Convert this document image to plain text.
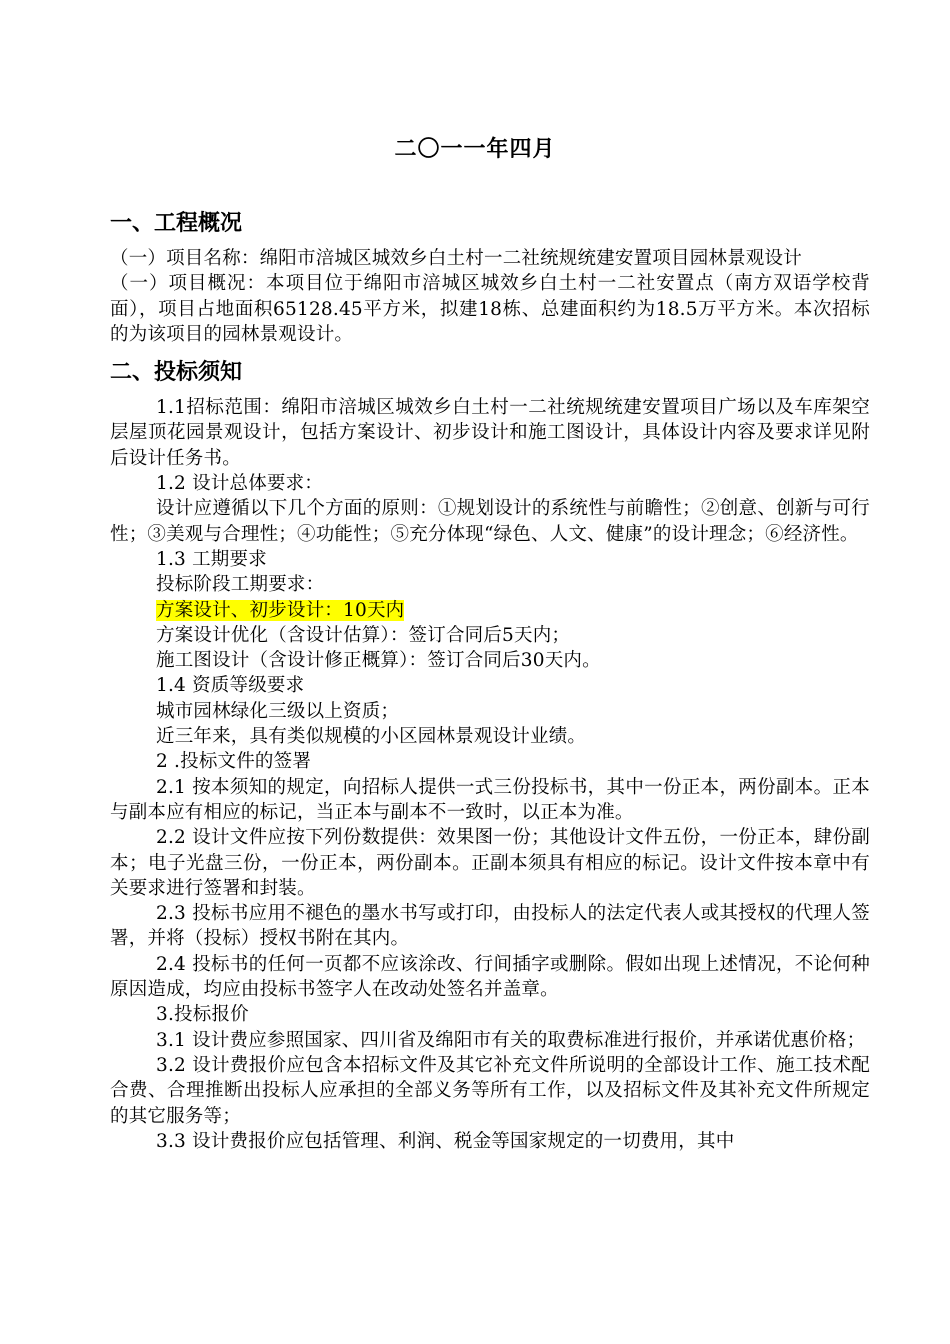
二〇一一年四月
一、工程概况

（一）项目名称：绵阳市涪城区城效乡白土村一二社统规统建安置项目园林景观设计

（一）项目概况：本项目位于绵阳市涪城区城效乡白土村一二社安置点（南方双语学校背面），项目占地面积65128.45平方米，拟建18栋、总建面积约为18.5万平方米。本次招标的为该项目的园林景观设计。

二、投标须知

1.1招标范围：绵阳市涪城区城效乡白土村一二社统规统建安置项目广场以及车库架空层屋顶花园景观设计，包括方案设计、初步设计和施工图设计，具体设计内容及要求详见附后设计任务书。

1.2 设计总体要求：

设计应遵循以下几个方面的原则：①规划设计的系统性与前瞻性；②创意、创新与可行性；③美观与合理性；④功能性；⑤充分体现“绿色、人文、健康”的设计理念；⑥经济性。

1.3 工期要求

投标阶段工期要求：

方案设计、初步设计：10天内

方案设计优化（含设计估算）：签订合同后5天内；

施工图设计（含设计修正概算）：签订合同后30天内。

1.4 资质等级要求

城市园林绿化三级以上资质；

近三年来，具有类似规模的小区园林景观设计业绩。

2 .投标文件的签署

2.1 按本须知的规定，向招标人提供一式三份投标书，其中一份正本，两份副本。正本与副本应有相应的标记，当正本与副本不一致时，以正本为准。

2.2 设计文件应按下列份数提供：效果图一份；其他设计文件五份，一份正本，肆份副本；电子光盘三份，一份正本，两份副本。正副本须具有相应的标记。设计文件按本章中有关要求进行签署和封装。

2.3 投标书应用不褪色的墨水书写或打印，由投标人的法定代表人或其授权的代理人签署，并将（投标）授权书附在其内。

2.4 投标书的任何一页都不应该涂改、行间插字或删除。假如出现上述情况，不论何种原因造成，均应由投标书签字人在改动处签名并盖章。

3.投标报价

3.1 设计费应参照国家、四川省及绵阳市有关的取费标准进行报价，并承诺优惠价格；

3.2 设计费报价应包含本招标文件及其它补充文件所说明的全部设计工作、施工技术配合费、合理推断出投标人应承担的全部义务等所有工作，以及招标文件及其补充文件所规定的其它服务等；

3.3 设计费报价应包括管理、利润、税金等国家规定的一切费用，其中
